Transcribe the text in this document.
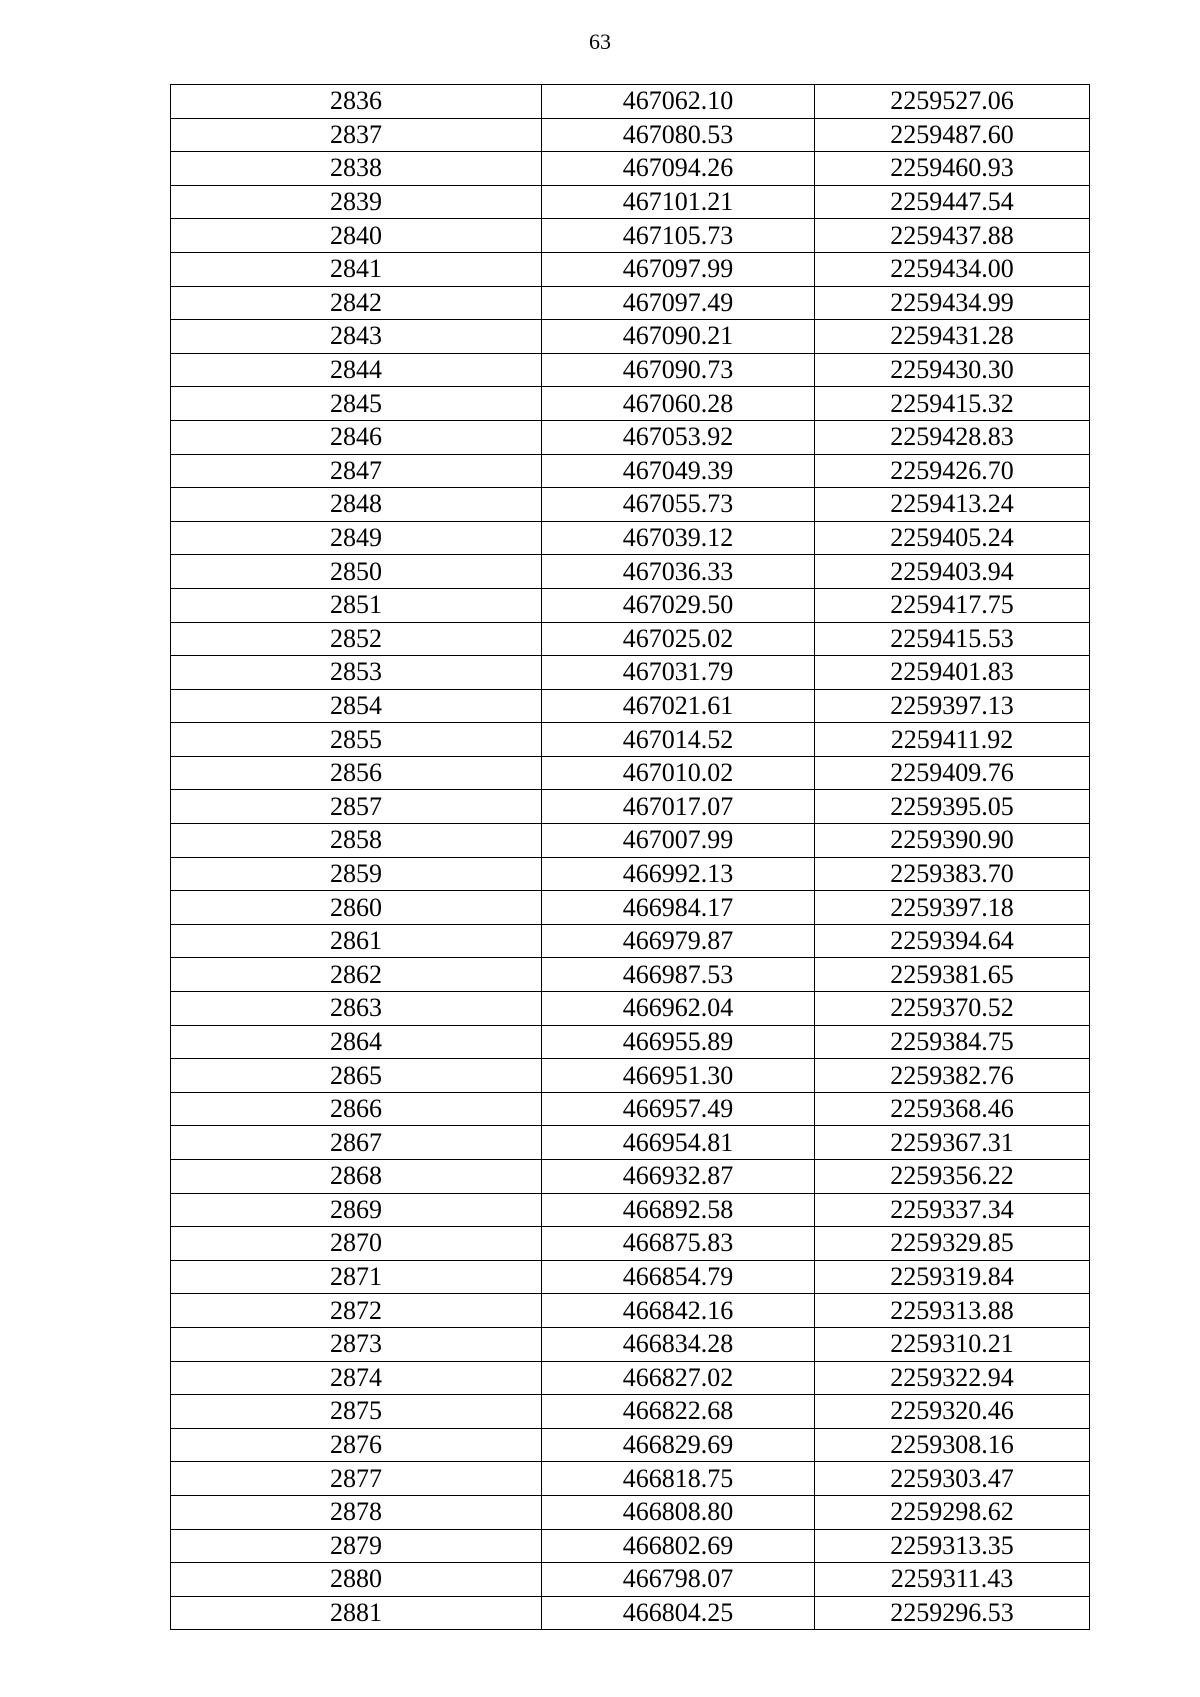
63
2836	467062.10	2259527.06
2837	467080.53	2259487.60
2838	467094.26	2259460.93
2839	467101.21	2259447.54
2840	467105.73	2259437.88
2841	467097.99	2259434.00
2842	467097.49	2259434.99
2843	467090.21	2259431.28
2844	467090.73	2259430.30
2845	467060.28	2259415.32
2846	467053.92	2259428.83
2847	467049.39	2259426.70
2848	467055.73	2259413.24
2849	467039.12	2259405.24
2850	467036.33	2259403.94
2851	467029.50	2259417.75
2852	467025.02	2259415.53
2853	467031.79	2259401.83
2854	467021.61	2259397.13
2855	467014.52	2259411.92
2856	467010.02	2259409.76
2857	467017.07	2259395.05
2858	467007.99	2259390.90
2859	466992.13	2259383.70
2860	466984.17	2259397.18
2861	466979.87	2259394.64
2862	466987.53	2259381.65
2863	466962.04	2259370.52
2864	466955.89	2259384.75
2865	466951.30	2259382.76
2866	466957.49	2259368.46
2867	466954.81	2259367.31
2868	466932.87	2259356.22
2869	466892.58	2259337.34
2870	466875.83	2259329.85
2871	466854.79	2259319.84
2872	466842.16	2259313.88
2873	466834.28	2259310.21
2874	466827.02	2259322.94
2875	466822.68	2259320.46
2876	466829.69	2259308.16
2877	466818.75	2259303.47
2878	466808.80	2259298.62
2879	466802.69	2259313.35
2880	466798.07	2259311.43
2881	466804.25	2259296.53
